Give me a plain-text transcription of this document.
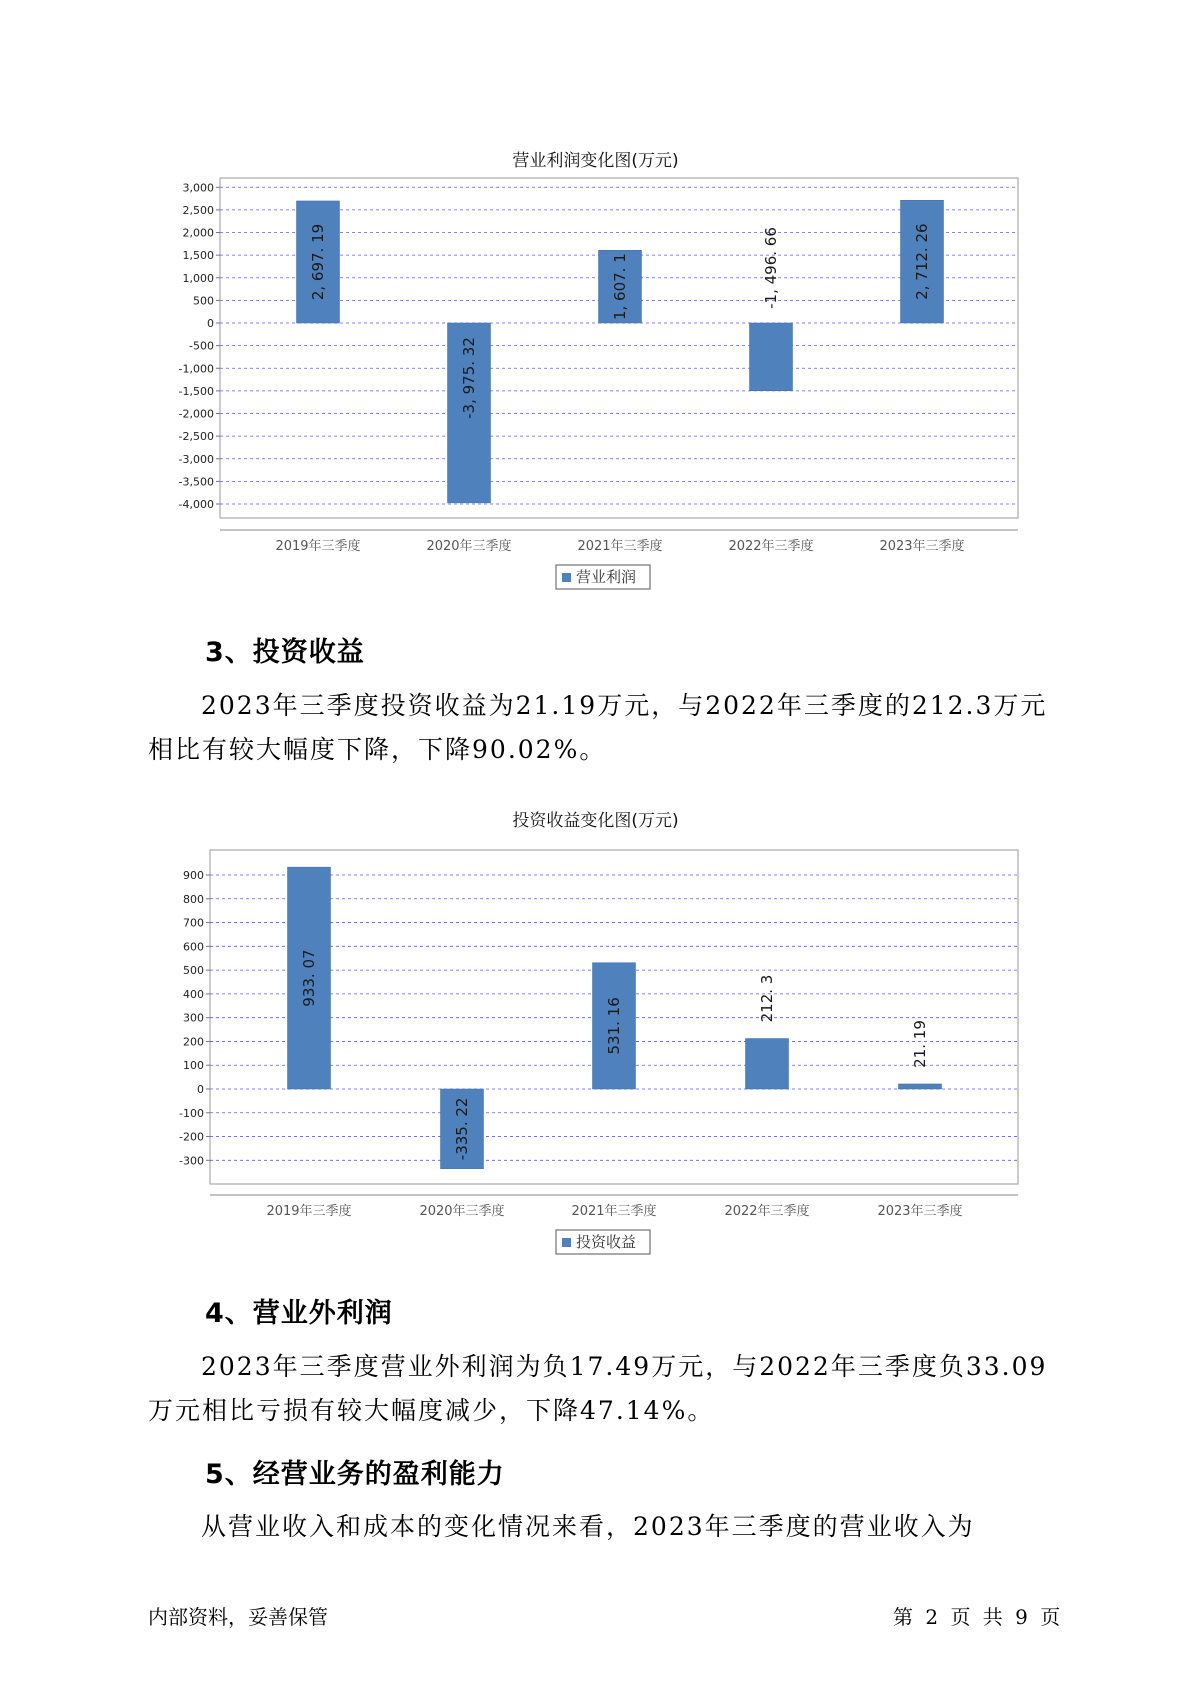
营业利润变化图(万元)
3,000
2,500
2,000
1,500
1,000
500
0
-500
-1,000
-1,500
-2,000
-2,500
-3,000
-3,500
-4,000
2, 697. 19
2019年三季度
-3, 975. 32
2020年三季度
1, 607. 1
2021年三季度
-1, 496. 66
2022年三季度
2, 712. 26
2023年三季度
营业利润
3、投资收益

2023年三季度投资收益为21.19万元，与2022年三季度的212.3万元相比有较大幅度下降，下降90.02%。

投资收益变化图(万元)
900
800
700
600
500
400
300
200
100
0
-100
-200
-300
933. 07
2019年三季度
-335. 22
2020年三季度
531. 16
2021年三季度
212. 3
2022年三季度
21. 19
2023年三季度
投资收益
4、营业外利润

2023年三季度营业外利润为负17.49万元，与2022年三季度负33.09万元相比亏损有较大幅度减少，下降47.14%。

5、经营业务的盈利能力

从营业收入和成本的变化情况来看，2023年三季度的营业收入为

内部资料，妥善保管	第 2 页 共 9 页
